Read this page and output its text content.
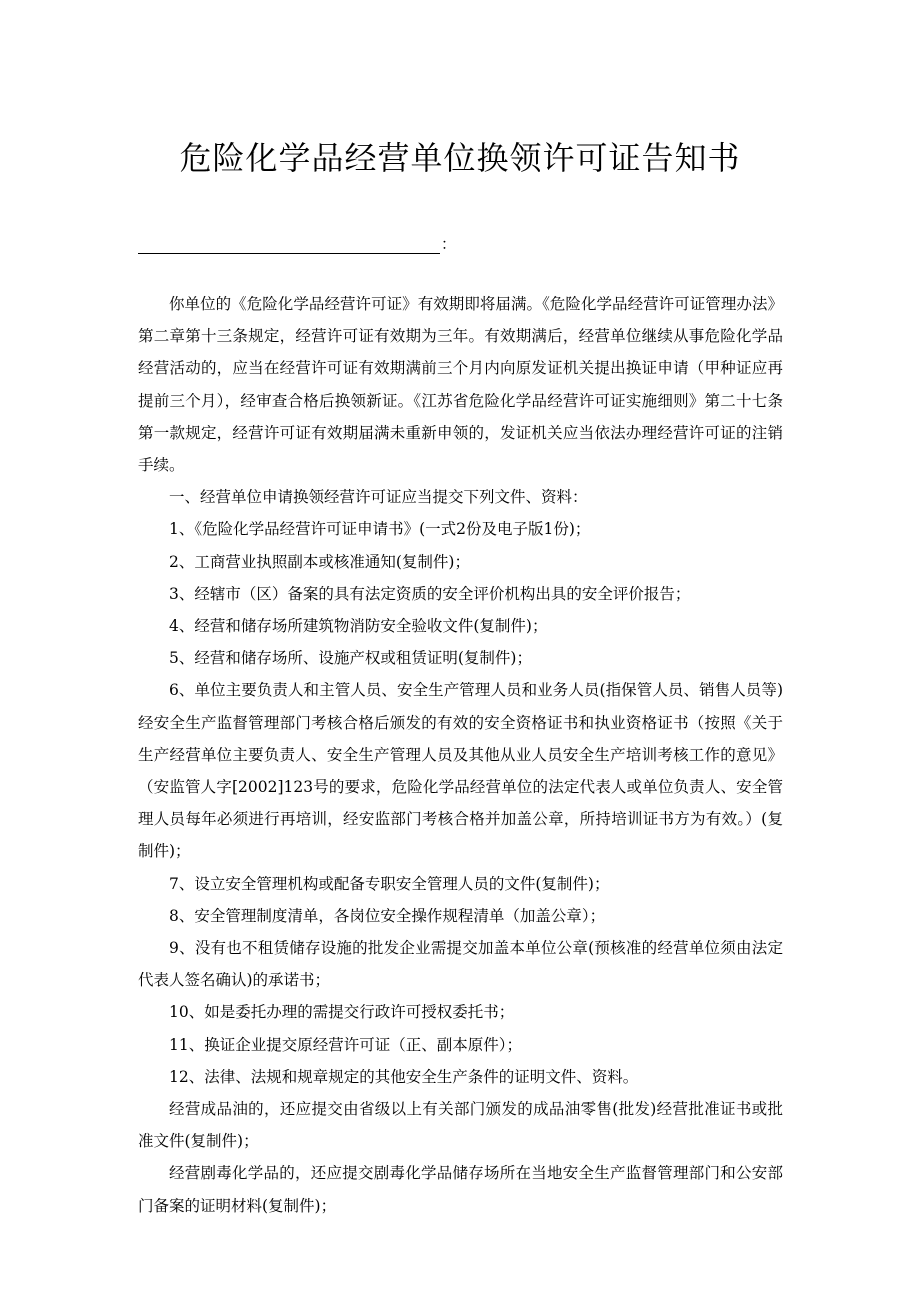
危险化学品经营单位换领许可证告知书
：

你单位的《危险化学品经营许可证》有效期即将届满。《危险化学品经营许可证管理办法》第二章第十三条规定，经营许可证有效期为三年。有效期满后，经营单位继续从事危险化学品经营活动的，应当在经营许可证有效期满前三个月内向原发证机关提出换证申请（甲种证应再提前三个月），经审查合格后换领新证。《江苏省危险化学品经营许可证实施细则》第二十七条第一款规定，经营许可证有效期届满未重新申领的，发证机关应当依法办理经营许可证的注销手续。

一、经营单位申请换领经营许可证应当提交下列文件、资料：

1、《危险化学品经营许可证申请书》(一式2份及电子版1份)；

2、工商营业执照副本或核准通知(复制件)；

3、经辖市（区）备案的具有法定资质的安全评价机构出具的安全评价报告；

4、经营和储存场所建筑物消防安全验收文件(复制件)；

5、经营和储存场所、设施产权或租赁证明(复制件)；

6、单位主要负责人和主管人员、安全生产管理人员和业务人员(指保管人员、销售人员等)经安全生产监督管理部门考核合格后颁发的有效的安全资格证书和执业资格证书（按照《关于生产经营单位主要负责人、安全生产管理人员及其他从业人员安全生产培训考核工作的意见》（安监管人字[2002]123号的要求，危险化学品经营单位的法定代表人或单位负责人、安全管理人员每年必须进行再培训，经安监部门考核合格并加盖公章，所持培训证书方为有效。）(复制件)；

7、设立安全管理机构或配备专职安全管理人员的文件(复制件)；

8、安全管理制度清单，各岗位安全操作规程清单（加盖公章）；

9、没有也不租赁储存设施的批发企业需提交加盖本单位公章(预核准的经营单位须由法定代表人签名确认)的承诺书；

10、如是委托办理的需提交行政许可授权委托书；

11、换证企业提交原经营许可证（正、副本原件）；

12、法律、法规和规章规定的其他安全生产条件的证明文件、资料。

经营成品油的，还应提交由省级以上有关部门颁发的成品油零售(批发)经营批准证书或批准文件(复制件)；

经营剧毒化学品的，还应提交剧毒化学品储存场所在当地安全生产监督管理部门和公安部门备案的证明材料(复制件)；
